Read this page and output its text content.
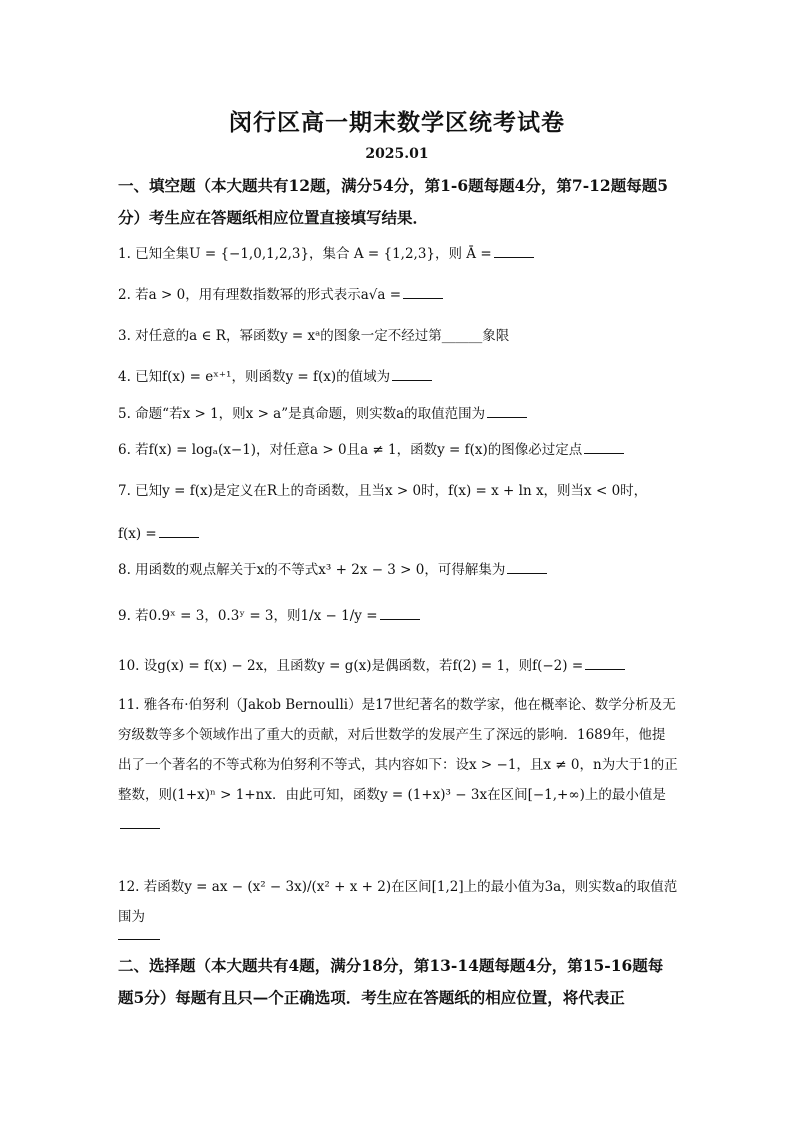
闵行区高一期末数学区统考试卷
2025.01
一、填空题（本大题共有12题，满分54分，第1-6题每题4分，第7-12题每题5分）考生应在答题纸相应位置直接填写结果．
1. 已知全集U = {−1,0,1,2,3}，集合 A = {1,2,3}，则 Ā =
2. 若a > 0，用有理数指数幂的形式表示a√a =
3. 对任意的a ∈ R，幂函数y = xᵃ的图象一定不经过第______象限
4. 已知f(x) = eˣ⁺¹，则函数y = f(x)的值域为
5. 命题“若x > 1，则x > a”是真命题，则实数a的取值范围为
6. 若f(x) = logₐ(x−1)，对任意a > 0且a ≠ 1，函数y = f(x)的图像必过定点
7. 已知y = f(x)是定义在R上的奇函数，且当x > 0时，f(x) = x + ln x，则当x < 0时，
f(x) =
8. 用函数的观点解关于x的不等式x³ + 2x − 3 > 0，可得解集为
9. 若0.9ˣ = 3，0.3ʸ = 3，则1/x − 1/y =
10. 设g(x) = f(x) − 2x，且函数y = g(x)是偶函数，若f(2) = 1，则f(−2) =
11. 雅各布·伯努利（Jakob Bernoulli）是17世纪著名的数学家，他在概率论、数学分析及无穷级数等多个领域作出了重大的贡献，对后世数学的发展产生了深远的影响．1689年，他提出了一个著名的不等式称为伯努利不等式，其内容如下：设x > −1，且x ≠ 0，n为大于1的正整数，则(1+x)ⁿ > 1+nx．由此可知，函数y = (1+x)³ − 3x在区间[−1,+∞)上的最小值是
12. 若函数y = ax − (x² − 3x)/(x² + x + 2)在区间[1,2]上的最小值为3a，则实数a的取值范围为
二、选择题（本大题共有4题，满分18分，第13-14题每题4分，第15-16题每题5分）每题有且只—个正确选项．考生应在答题纸的相应位置，将代表正
